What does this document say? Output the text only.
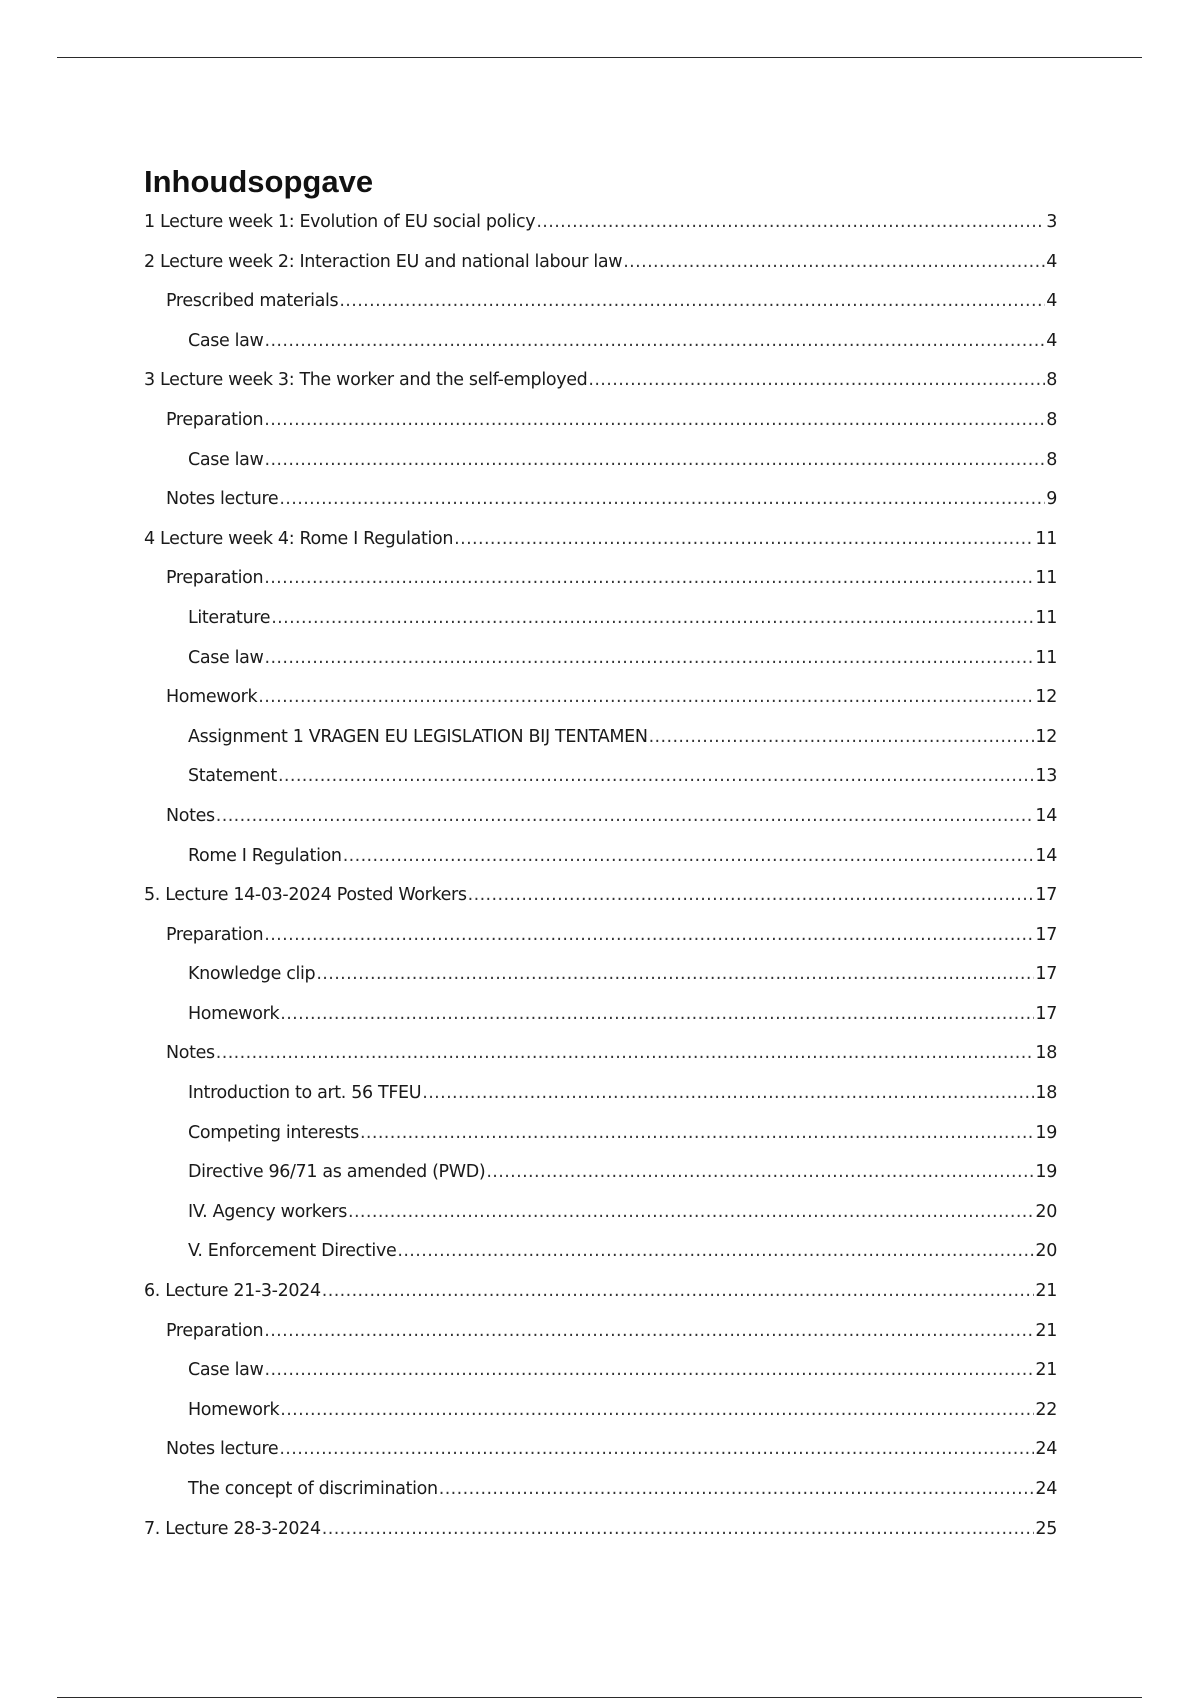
Inhoudsopgave
1 Lecture week 1: Evolution of EU social policy .....	3
2 Lecture week 2: Interaction EU and national labour law .....	4
Prescribed materials .....	4
Case law .....	4
3 Lecture week 3: The worker and the self-employed .....	8
Preparation .....	8
Case law .....	8
Notes lecture .....	9
4 Lecture week 4: Rome I Regulation .....	11
Preparation .....	11
Literature .....	11
Case law .....	11
Homework .....	12
Assignment 1 VRAGEN EU LEGISLATION BIJ TENTAMEN .....	12
Statement .....	13
Notes .....	14
Rome I Regulation .....	14
5. Lecture 14-03-2024 Posted Workers .....	17
Preparation .....	17
Knowledge clip .....	17
Homework .....	17
Notes .....	18
Introduction to art. 56 TFEU .....	18
Competing interests .....	19
Directive 96/71 as amended (PWD) .....	19
IV. Agency workers .....	20
V. Enforcement Directive .....	20
6. Lecture 21-3-2024 .....	21
Preparation .....	21
Case law .....	21
Homework .....	22
Notes lecture .....	24
The concept of discrimination .....	24
7. Lecture 28-3-2024 .....	25
